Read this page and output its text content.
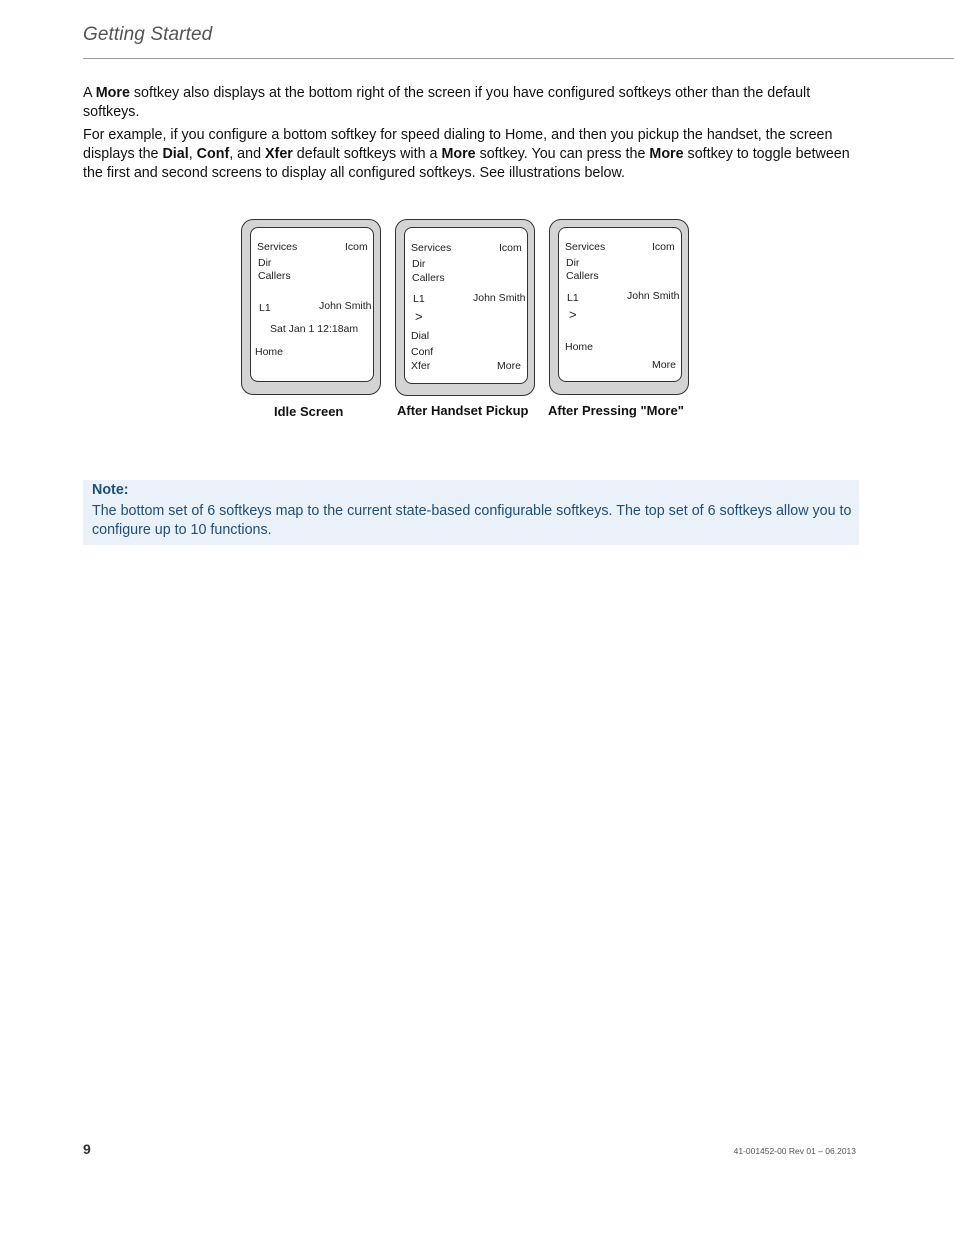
Getting Started
A More softkey also displays at the bottom right of the screen if you have configured softkeys other than the default softkeys.
For example, if you configure a bottom softkey for speed dialing to Home, and then you pickup the handset, the screen displays the Dial, Conf, and Xfer default softkeys with a More softkey. You can press the More softkey to toggle between the first and second screens to display all configured softkeys. See illustrations below.
Services	Icom
Dir
Callers
L1	John Smith
Sat Jan 1 12:18am
Home
Services	Icom
Dir
Callers
L1	John Smith
>
Dial
Conf
Xfer	More
Services	Icom
Dir
Callers
L1	John Smith
>
Home
More
Idle Screen	After Handset Pickup After Pressing "More"
Note:
The bottom set of 6 softkeys map to the current state-based configurable softkeys. The top set of 6 softkeys allow you to configure up to 10 functions.
9	41-001452-00 Rev 01 – 06.2013
